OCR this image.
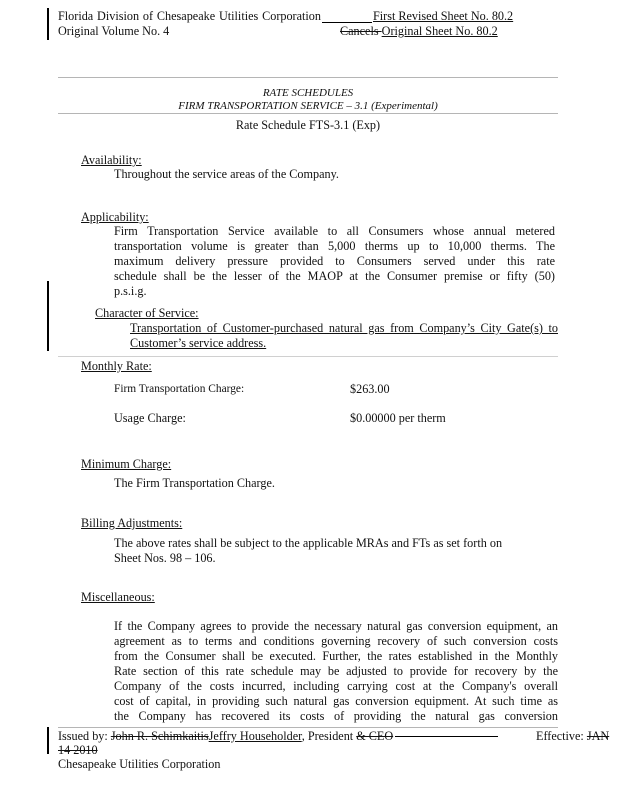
Florida Division of Chesapeake Utilities Corporation	First Revised Sheet No. 80.2
Original Volume No. 4	Cancels Original Sheet No. 80.2
RATE SCHEDULES
FIRM TRANSPORTATION SERVICE – 3.1 (Experimental)
Rate Schedule FTS-3.1 (Exp)
Availability:
Throughout the service areas of the Company.
Applicability:
Firm Transportation Service available to all Consumers whose annual metered
transportation volume is greater than 5,000 therms up to 10,000 therms. The
maximum delivery pressure provided to Consumers served under this rate
schedule shall be the lesser of the MAOP at the Consumer premise or fifty (50)
p.s.i.g.
Character of Service:
Transportation of Customer-purchased natural gas from Company’s City Gate(s) to
Customer’s service address.
Monthly Rate:
Firm Transportation Charge:	$263.00
Usage Charge:	$0.00000 per therm
Minimum Charge:
The Firm Transportation Charge.
Billing Adjustments:
The above rates shall be subject to the applicable MRAs and FTs as set forth on
Sheet Nos. 98 – 106.
Miscellaneous:
If the Company agrees to provide the necessary natural gas conversion equipment, an
agreement as to terms and conditions governing recovery of such conversion costs
from the Consumer shall be executed. Further, the rates established in the Monthly
Rate section of this rate schedule may be adjusted to provide for recovery by the
Company of the costs incurred, including carrying cost at the Company's overall
cost of capital, in providing such natural gas conversion equipment. At such time as
the Company has recovered its costs of providing the natural gas conversion
Issued by: John R. SchimkaitisJeffry Householder, President & CEO	Effective: JAN
14 2010
Chesapeake Utilities Corporation
